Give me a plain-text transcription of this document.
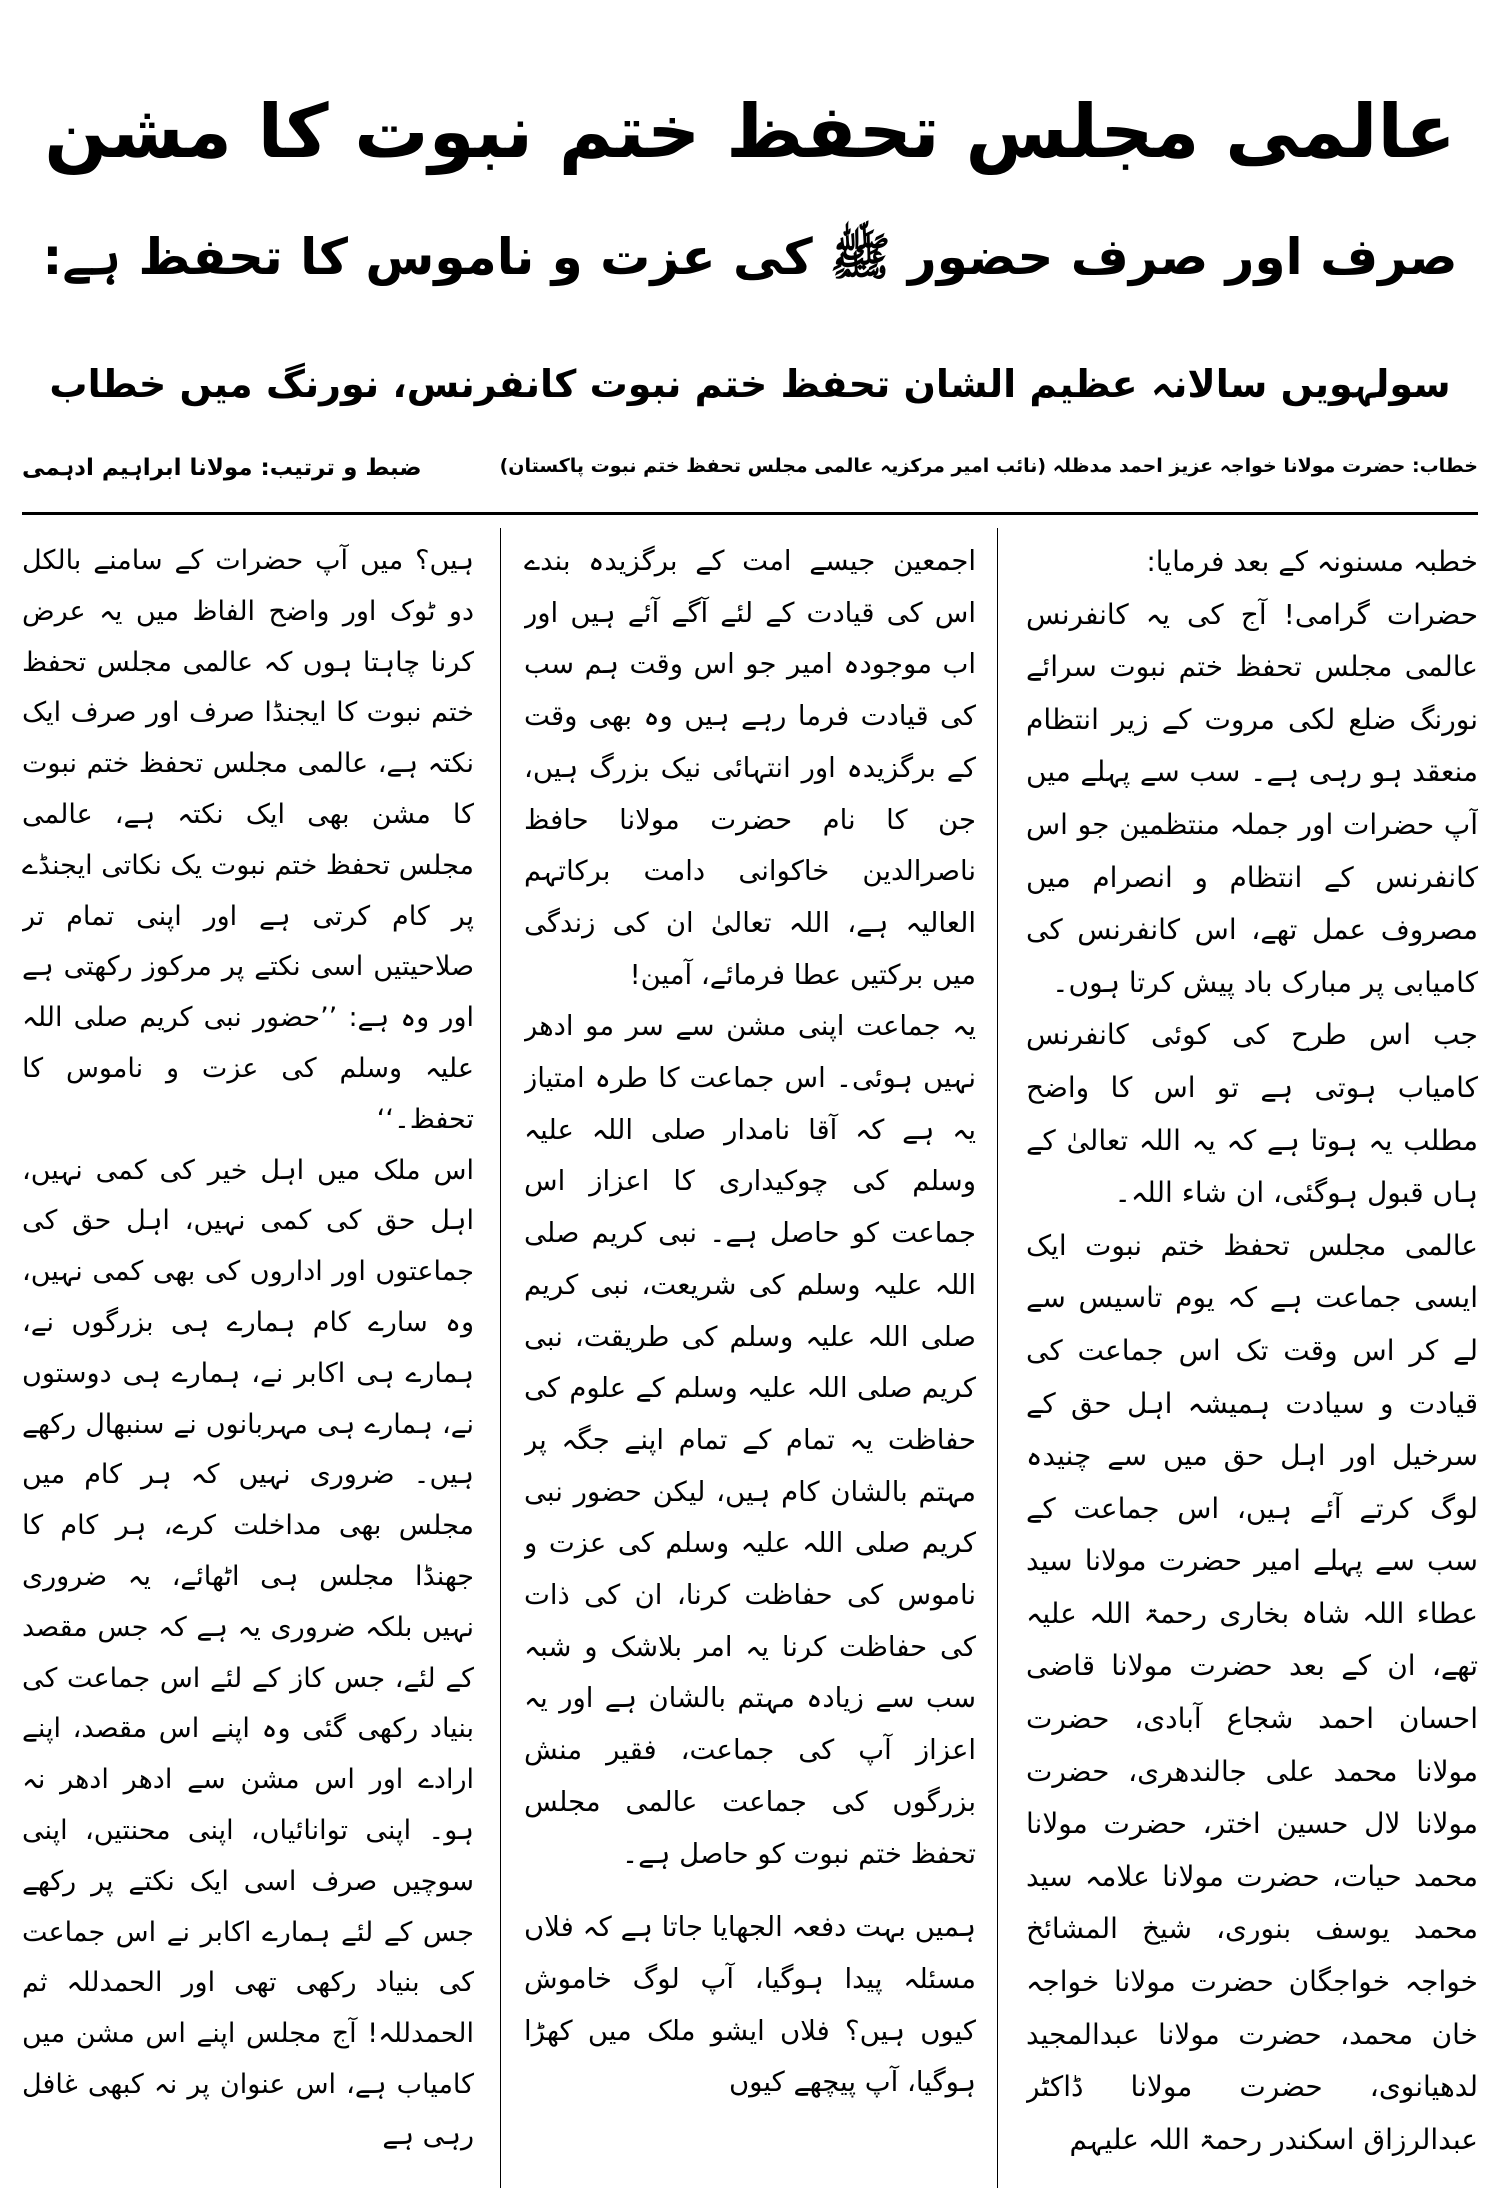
عالمی مجلس تحفظ ختم نبوت کا مشن
صرف اور صرف حضور ﷺ کی عزت و ناموس کا تحفظ ہے:
سولہویں سالانہ عظیم الشان تحفظ ختم نبوت کانفرنس، نورنگ میں خطاب
خطاب: حضرت مولانا خواجہ عزیز احمد مدظلہ (نائب امیر مرکزیہ عالمی مجلس تحفظ ختم نبوت پاکستان)
ضبط و ترتیب: مولانا ابراہیم ادہمی

خطبہ مسنونہ کے بعد فرمایا:

حضرات گرامی! آج کی یہ کانفرنس عالمی مجلس تحفظ ختم نبوت سرائے نورنگ ضلع لکی مروت کے زیر انتظام منعقد ہو رہی ہے۔ سب سے پہلے میں آپ حضرات اور جملہ منتظمین جو اس کانفرنس کے انتظام و انصرام میں مصروف عمل تھے، اس کانفرنس کی کامیابی پر مبارک باد پیش کرتا ہوں۔

جب اس طرح کی کوئی کانفرنس کامیاب ہوتی ہے تو اس کا واضح مطلب یہ ہوتا ہے کہ یہ اللہ تعالیٰ کے ہاں قبول ہوگئی، ان شاء اللہ۔

عالمی مجلس تحفظ ختم نبوت ایک ایسی جماعت ہے کہ یوم تاسیس سے لے کر اس وقت تک اس جماعت کی قیادت و سیادت ہمیشہ اہل حق کے سرخیل اور اہل حق میں سے چنیدہ لوگ کرتے آئے ہیں، اس جماعت کے سب سے پہلے امیر حضرت مولانا سید عطاء اللہ شاہ بخاری رحمۃ اللہ علیہ تھے، ان کے بعد حضرت مولانا قاضی احسان احمد شجاع آبادی، حضرت مولانا محمد علی جالندھری، حضرت مولانا لال حسین اختر، حضرت مولانا محمد حیات، حضرت مولانا علامہ سید محمد یوسف بنوری، شیخ المشائخ خواجہ خواجگان حضرت مولانا خواجہ خان محمد، حضرت مولانا عبدالمجید لدھیانوی، حضرت مولانا ڈاکٹر عبدالرزاق اسکندر رحمۃ اللہ علیہم

اجمعین جیسے امت کے برگزیدہ بندے اس کی قیادت کے لئے آگے آئے ہیں اور اب موجودہ امیر جو اس وقت ہم سب کی قیادت فرما رہے ہیں وہ بھی وقت کے برگزیدہ اور انتہائی نیک بزرگ ہیں، جن کا نام حضرت مولانا حافظ ناصرالدین خاکوانی دامت برکاتہم العالیہ ہے، اللہ تعالیٰ ان کی زندگی میں برکتیں عطا فرمائے، آمین!

یہ جماعت اپنی مشن سے سر مو ادھر نہیں ہوئی۔ اس جماعت کا طرہ امتیاز یہ ہے کہ آقا نامدار صلی اللہ علیہ وسلم کی چوکیداری کا اعزاز اس جماعت کو حاصل ہے۔ نبی کریم صلی اللہ علیہ وسلم کی شریعت، نبی کریم صلی اللہ علیہ وسلم کی طریقت، نبی کریم صلی اللہ علیہ وسلم کے علوم کی حفاظت یہ تمام کے تمام اپنے جگہ پر مہتم بالشان کام ہیں، لیکن حضور نبی کریم صلی اللہ علیہ وسلم کی عزت و ناموس کی حفاظت کرنا، ان کی ذات کی حفاظت کرنا یہ امر بلاشک و شبہ سب سے زیادہ مہتم بالشان ہے اور یہ اعزاز آپ کی جماعت، فقیر منش بزرگوں کی جماعت عالمی مجلس تحفظ ختم نبوت کو حاصل ہے۔

ہمیں بہت دفعہ الجھایا جاتا ہے کہ فلاں مسئلہ پیدا ہوگیا، آپ لوگ خاموش کیوں ہیں؟ فلاں ایشو ملک میں کھڑا ہوگیا، آپ پیچھے کیوں

ہیں؟ میں آپ حضرات کے سامنے بالکل دو ٹوک اور واضح الفاظ میں یہ عرض کرنا چاہتا ہوں کہ عالمی مجلس تحفظ ختم نبوت کا ایجنڈا صرف اور صرف ایک نکتہ ہے، عالمی مجلس تحفظ ختم نبوت کا مشن بھی ایک نکتہ ہے، عالمی مجلس تحفظ ختم نبوت یک نکاتی ایجنڈے پر کام کرتی ہے اور اپنی تمام تر صلاحیتیں اسی نکتے پر مرکوز رکھتی ہے اور وہ ہے: ’’حضور نبی کریم صلی اللہ علیہ وسلم کی عزت و ناموس کا تحفظ۔‘‘

اس ملک میں اہل خیر کی کمی نہیں، اہل حق کی کمی نہیں، اہل حق کی جماعتوں اور اداروں کی بھی کمی نہیں، وہ سارے کام ہمارے ہی بزرگوں نے، ہمارے ہی اکابر نے، ہمارے ہی دوستوں نے، ہمارے ہی مہربانوں نے سنبھال رکھے ہیں۔ ضروری نہیں کہ ہر کام میں مجلس بھی مداخلت کرے، ہر کام کا جھنڈا مجلس ہی اٹھائے، یہ ضروری نہیں بلکہ ضروری یہ ہے کہ جس مقصد کے لئے، جس کاز کے لئے اس جماعت کی بنیاد رکھی گئی وہ اپنے اس مقصد، اپنے ارادے اور اس مشن سے ادھر ادھر نہ ہو۔ اپنی توانائیاں، اپنی محنتیں، اپنی سوچیں صرف اسی ایک نکتے پر رکھے جس کے لئے ہمارے اکابر نے اس جماعت کی بنیاد رکھی تھی اور الحمدللہ ثم الحمدللہ! آج مجلس اپنے اس مشن میں کامیاب ہے، اس عنوان پر نہ کبھی غافل رہی ہے
